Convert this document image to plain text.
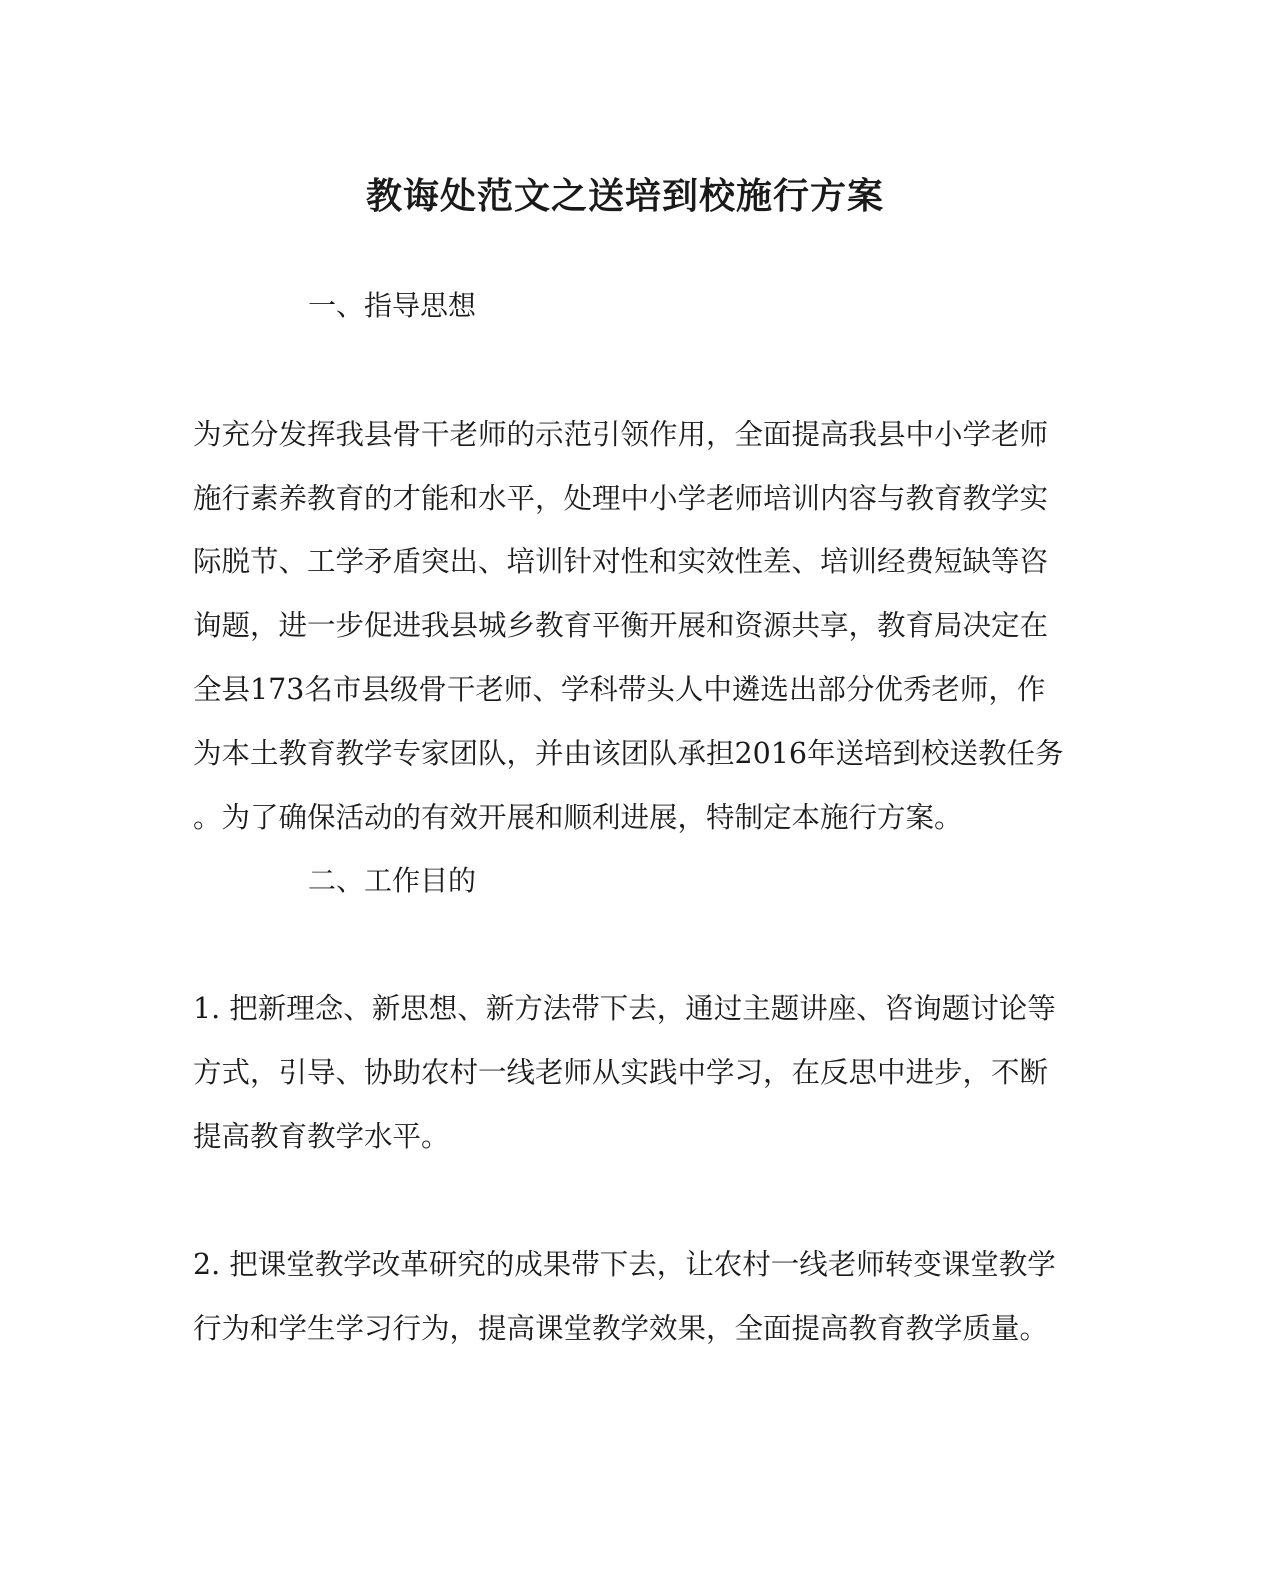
教诲处范文之送培到校施行方案
一、指导思想
为充分发挥我县骨干老师的示范引领作用，全面提高我县中小学老师
施行素养教育的才能和水平，处理中小学老师培训内容与教育教学实
际脱节、工学矛盾突出、培训针对性和实效性差、培训经费短缺等咨
询题，进一步促进我县城乡教育平衡开展和资源共享，教育局决定在
全县173名市县级骨干老师、学科带头人中遴选出部分优秀老师，作
为本土教育教学专家团队，并由该团队承担2016年送培到校送教任务
。为了确保活动的有效开展和顺利进展，特制定本施行方案。
二、工作目的
1. 把新理念、新思想、新方法带下去，通过主题讲座、咨询题讨论等
方式，引导、协助农村一线老师从实践中学习，在反思中进步，不断
提高教育教学水平。
2. 把课堂教学改革研究的成果带下去，让农村一线老师转变课堂教学
行为和学生学习行为，提高课堂教学效果，全面提高教育教学质量。
